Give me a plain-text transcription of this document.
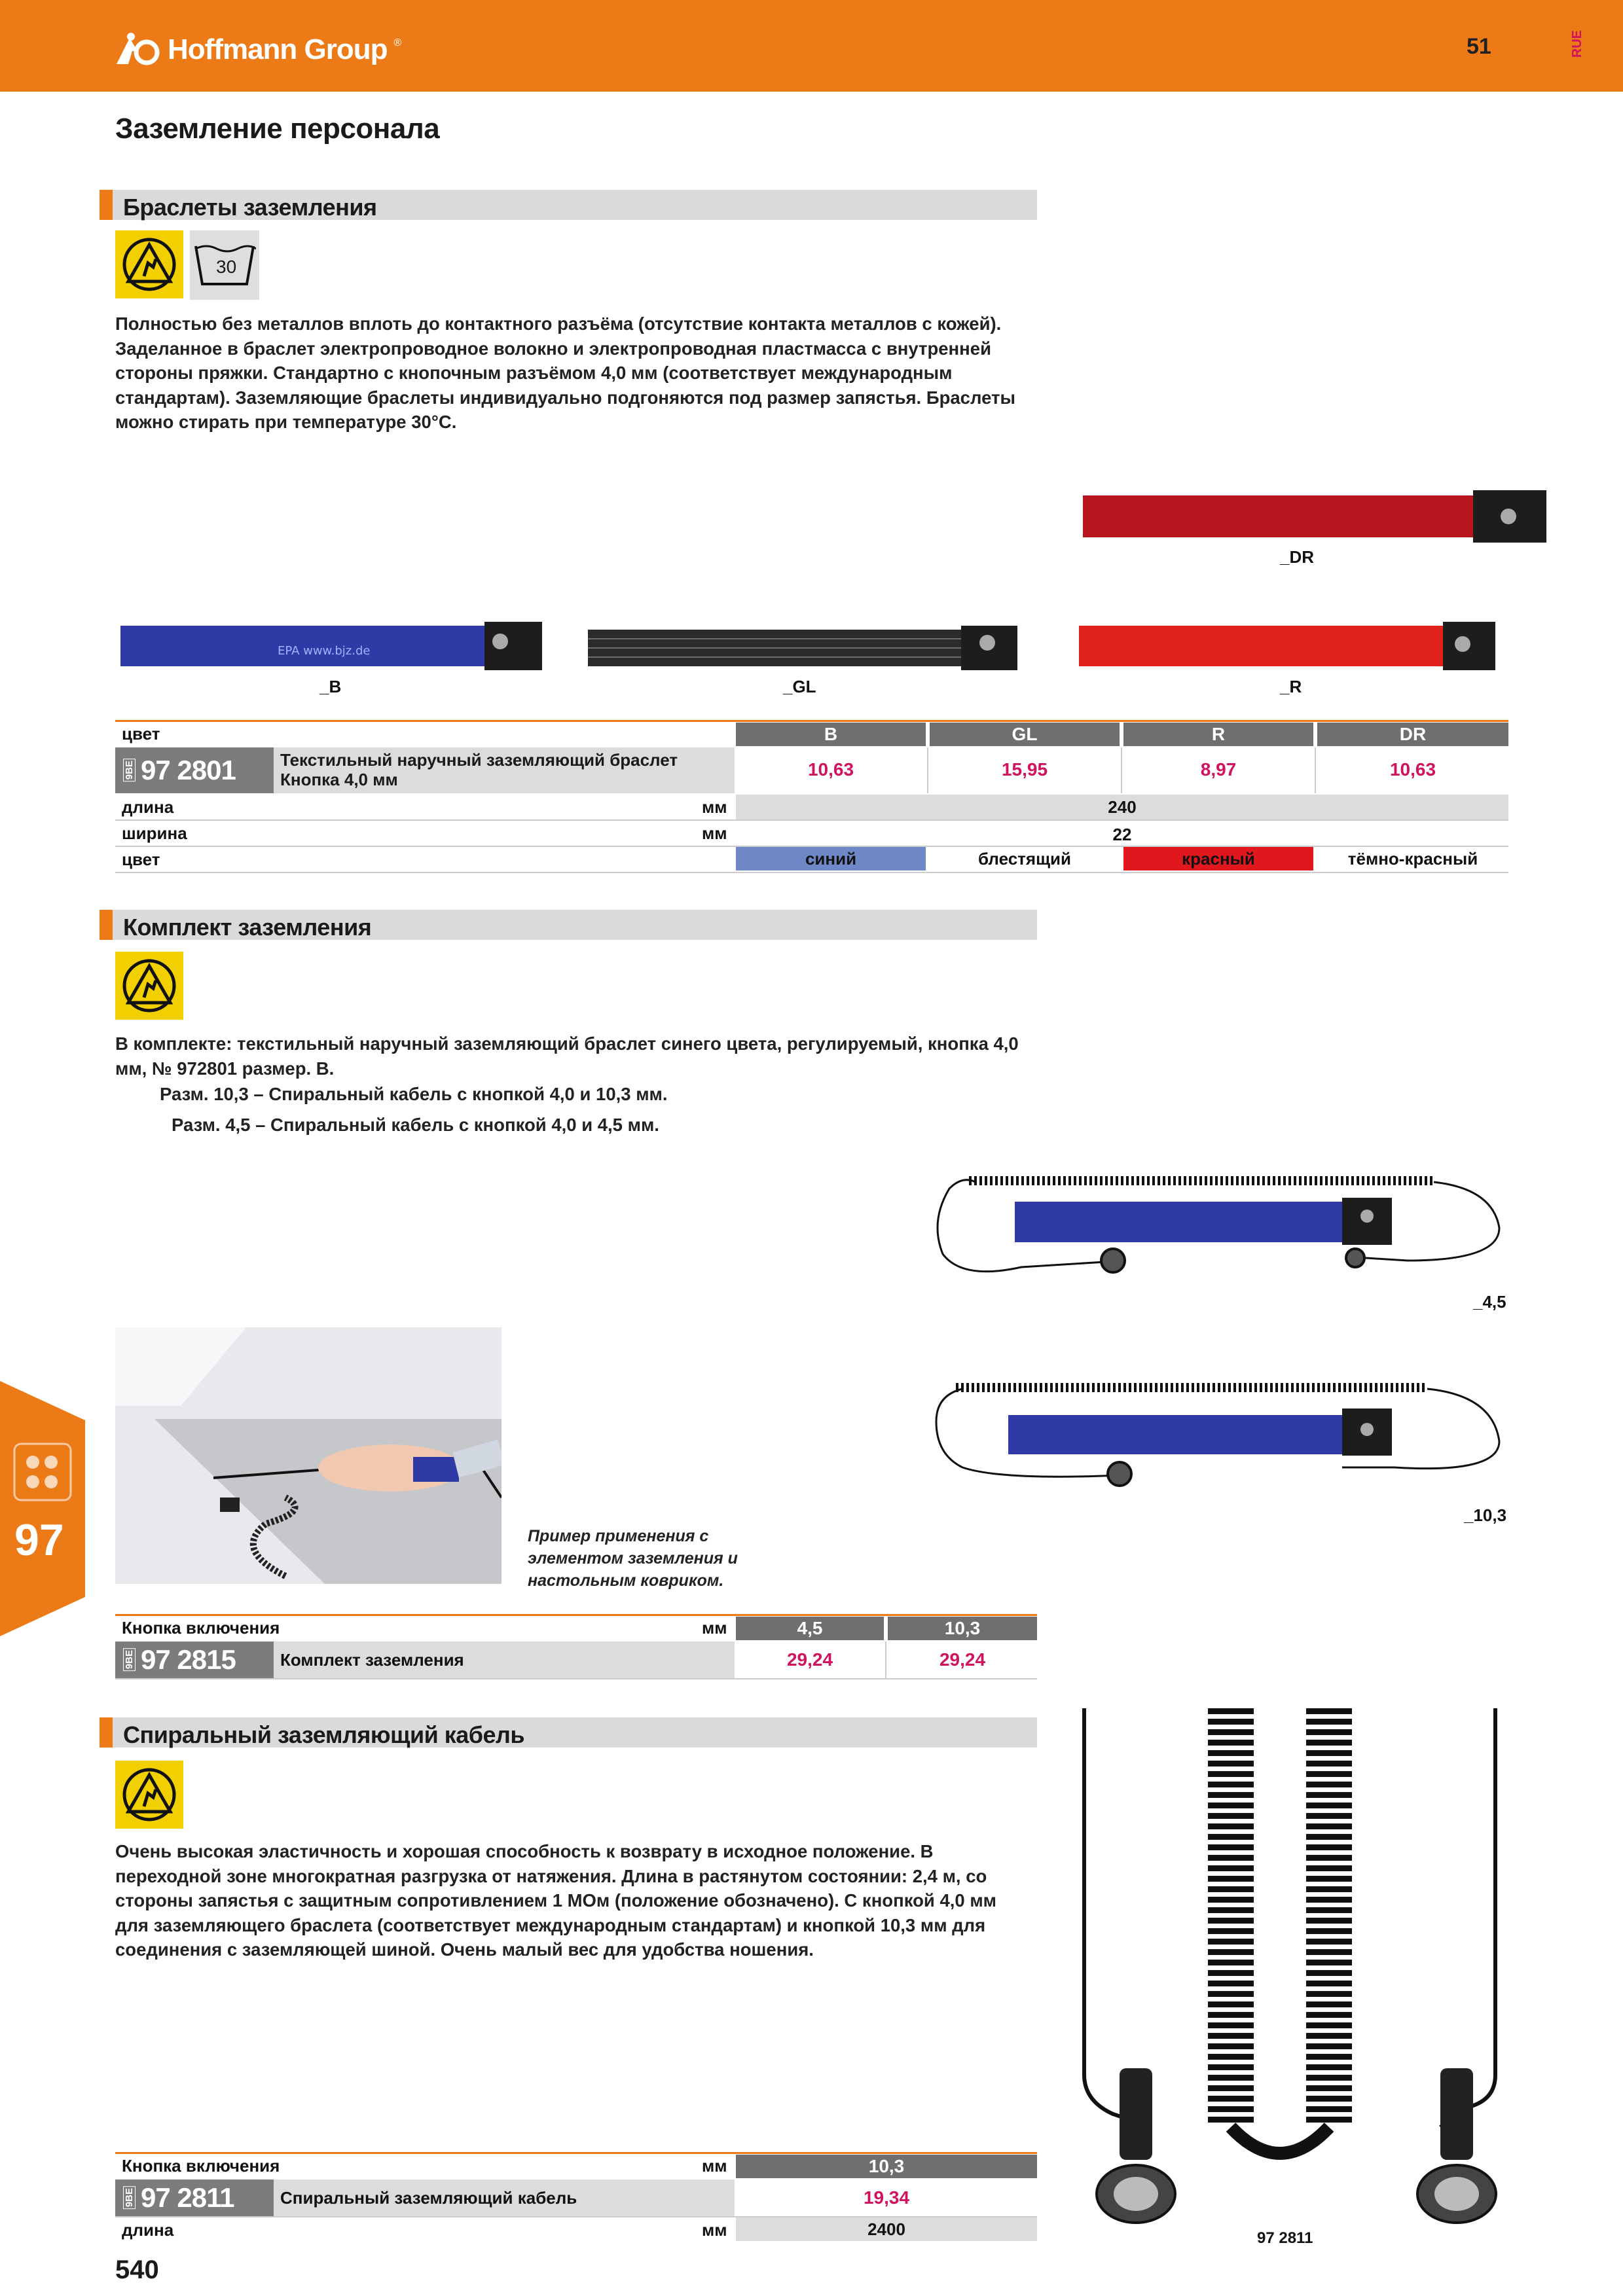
Hoffmann Group ®	51	RUE
Заземление персонала
Браслеты заземления
30
Полностью без металлов вплоть до контактного разъёма (отсутствие контакта металлов с кожей). Заделанное в браслет электропроводное волокно и электропроводная пластмасса с внутренней стороны пряжки. Стандартно с кнопочным разъёмом 4,0 мм (соответствует международным стандартам). Заземляющие браслеты индивидуально подгоняются под размер запястья. Браслеты можно стирать при температуре 30°C.
_DR
EPA www.bjz.de
_B	_GL	_R
цвет	B	GL	R	DR
9BE 97 2801	Текстильный наручный заземляющий браслет
Кнопка 4,0 мм	10,63	15,95	8,97	10,63
длина	мм	240
ширина	мм	22
цвет	синий	блестящий	красный	тёмно-красный
Комплект заземления
В комплекте: текстильный наручный заземляющий браслет синего цвета, регулируемый, кнопка 4,0 мм, № 972801 размер. B.
Разм. 10,3 – Спиральный кабель с кнопкой 4,0 и 10,3 мм.
Разм. 4,5 – Спиральный кабель с кнопкой 4,0 и 4,5 мм.
_4,5
_10,3
Пример применения с элементом заземления и настольным ковриком.
Кнопка включения	мм	4,5	10,3
9BE 97 2815	Комплект заземления	29,24	29,24
Спиральный заземляющий кабель
Очень высокая эластичность и хорошая способность к возврату в исходное положение. В переходной зоне многократная разгрузка от натяжения. Длина в растянутом состоянии: 2,4 м, со стороны запястья с защитным сопротивлением 1 MОм (положение обозначено). С кнопкой 4,0 мм для заземляющего браслета (соответствует международным стандартам) и кнопкой 10,3 мм для соединения с заземляющей шиной. Очень малый вес для удобства ношения.
97 2811
Кнопка включения	мм	10,3
9BE 97 2811	Спиральный заземляющий кабель	19,34
длина	мм	2400
97
540
